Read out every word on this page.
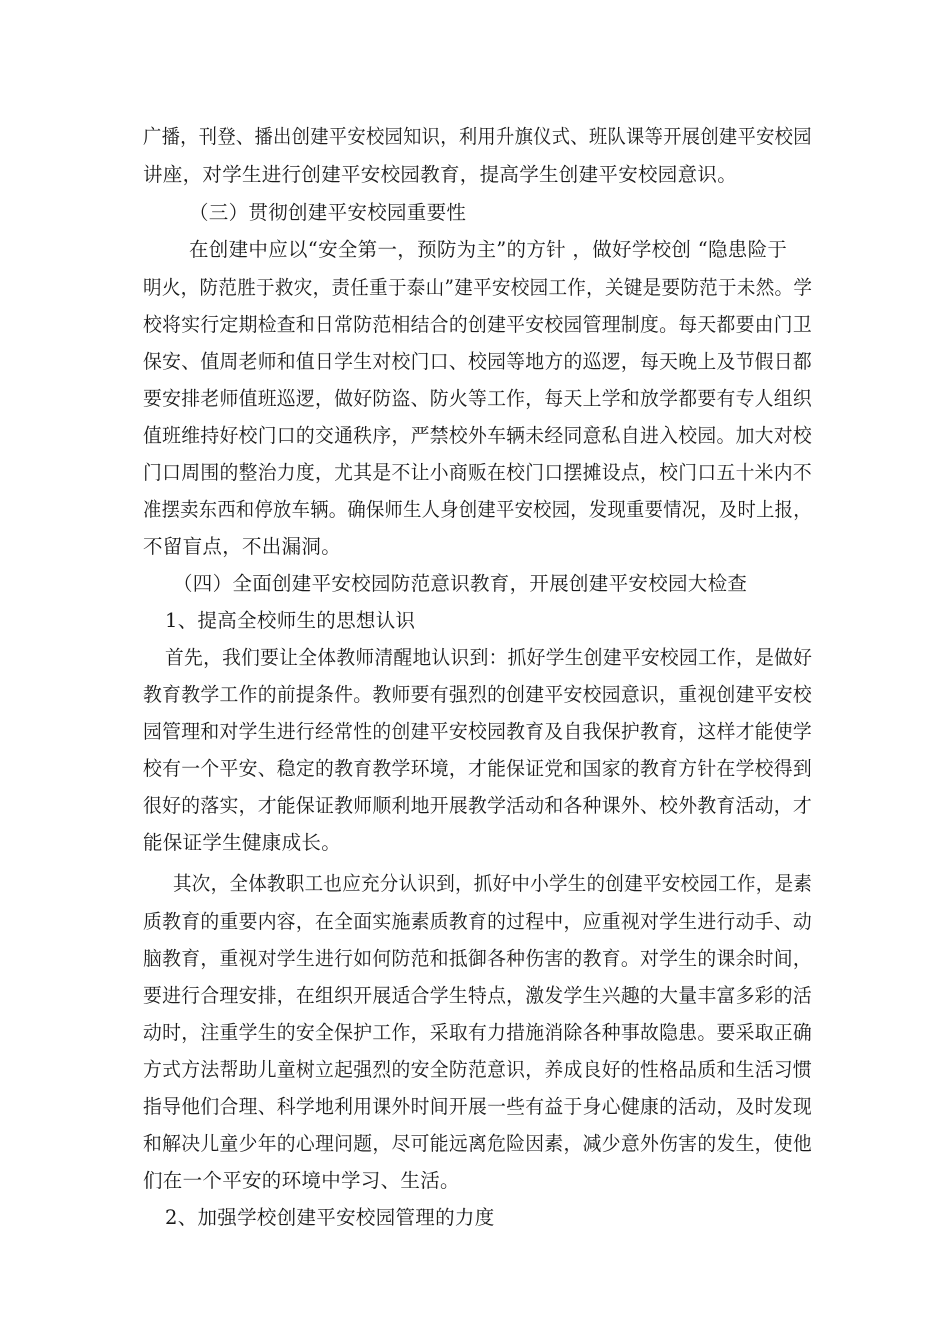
广播，刊登、播出创建平安校园知识，利用升旗仪式、班队课等开展创建平安校园
讲座，对学生进行创建平安校园教育，提高学生创建平安校园意识。
（三）贯彻创建平安校园重要性
在创建中应以“安全第一，预防为主”的方针 ，做好学校创 “隐患险于
明火，防范胜于救灾，责任重于泰山”建平安校园工作，关键是要防范于未然。学
校将实行定期检查和日常防范相结合的创建平安校园管理制度。每天都要由门卫
保安、值周老师和值日学生对校门口、校园等地方的巡逻，每天晚上及节假日都
要安排老师值班巡逻，做好防盗、防火等工作，每天上学和放学都要有专人组织
值班维持好校门口的交通秩序，严禁校外车辆未经同意私自进入校园。加大对校
门口周围的整治力度，尤其是不让小商贩在校门口摆摊设点，校门口五十米内不
准摆卖东西和停放车辆。确保师生人身创建平安校园，发现重要情况，及时上报，
不留盲点，不出漏洞。
（四）全面创建平安校园防范意识教育，开展创建平安校园大检查
1、提高全校师生的思想认识
首先，我们要让全体教师清醒地认识到：抓好学生创建平安校园工作，是做好
教育教学工作的前提条件。教师要有强烈的创建平安校园意识，重视创建平安校
园管理和对学生进行经常性的创建平安校园教育及自我保护教育，这样才能使学
校有一个平安、稳定的教育教学环境，才能保证党和国家的教育方针在学校得到
很好的落实，才能保证教师顺利地开展教学活动和各种课外、校外教育活动，才
能保证学生健康成长。
其次，全体教职工也应充分认识到，抓好中小学生的创建平安校园工作，是素
质教育的重要内容，在全面实施素质教育的过程中，应重视对学生进行动手、动
脑教育，重视对学生进行如何防范和抵御各种伤害的教育。对学生的课余时间，
要进行合理安排，在组织开展适合学生特点，激发学生兴趣的大量丰富多彩的活
动时，注重学生的安全保护工作，采取有力措施消除各种事故隐患。要采取正确
方式方法帮助儿童树立起强烈的安全防范意识，养成良好的性格品质和生活习惯
指导他们合理、科学地利用课外时间开展一些有益于身心健康的活动，及时发现
和解决儿童少年的心理问题，尽可能远离危险因素，减少意外伤害的发生，使他
们在一个平安的环境中学习、生活。
2、加强学校创建平安校园管理的力度
